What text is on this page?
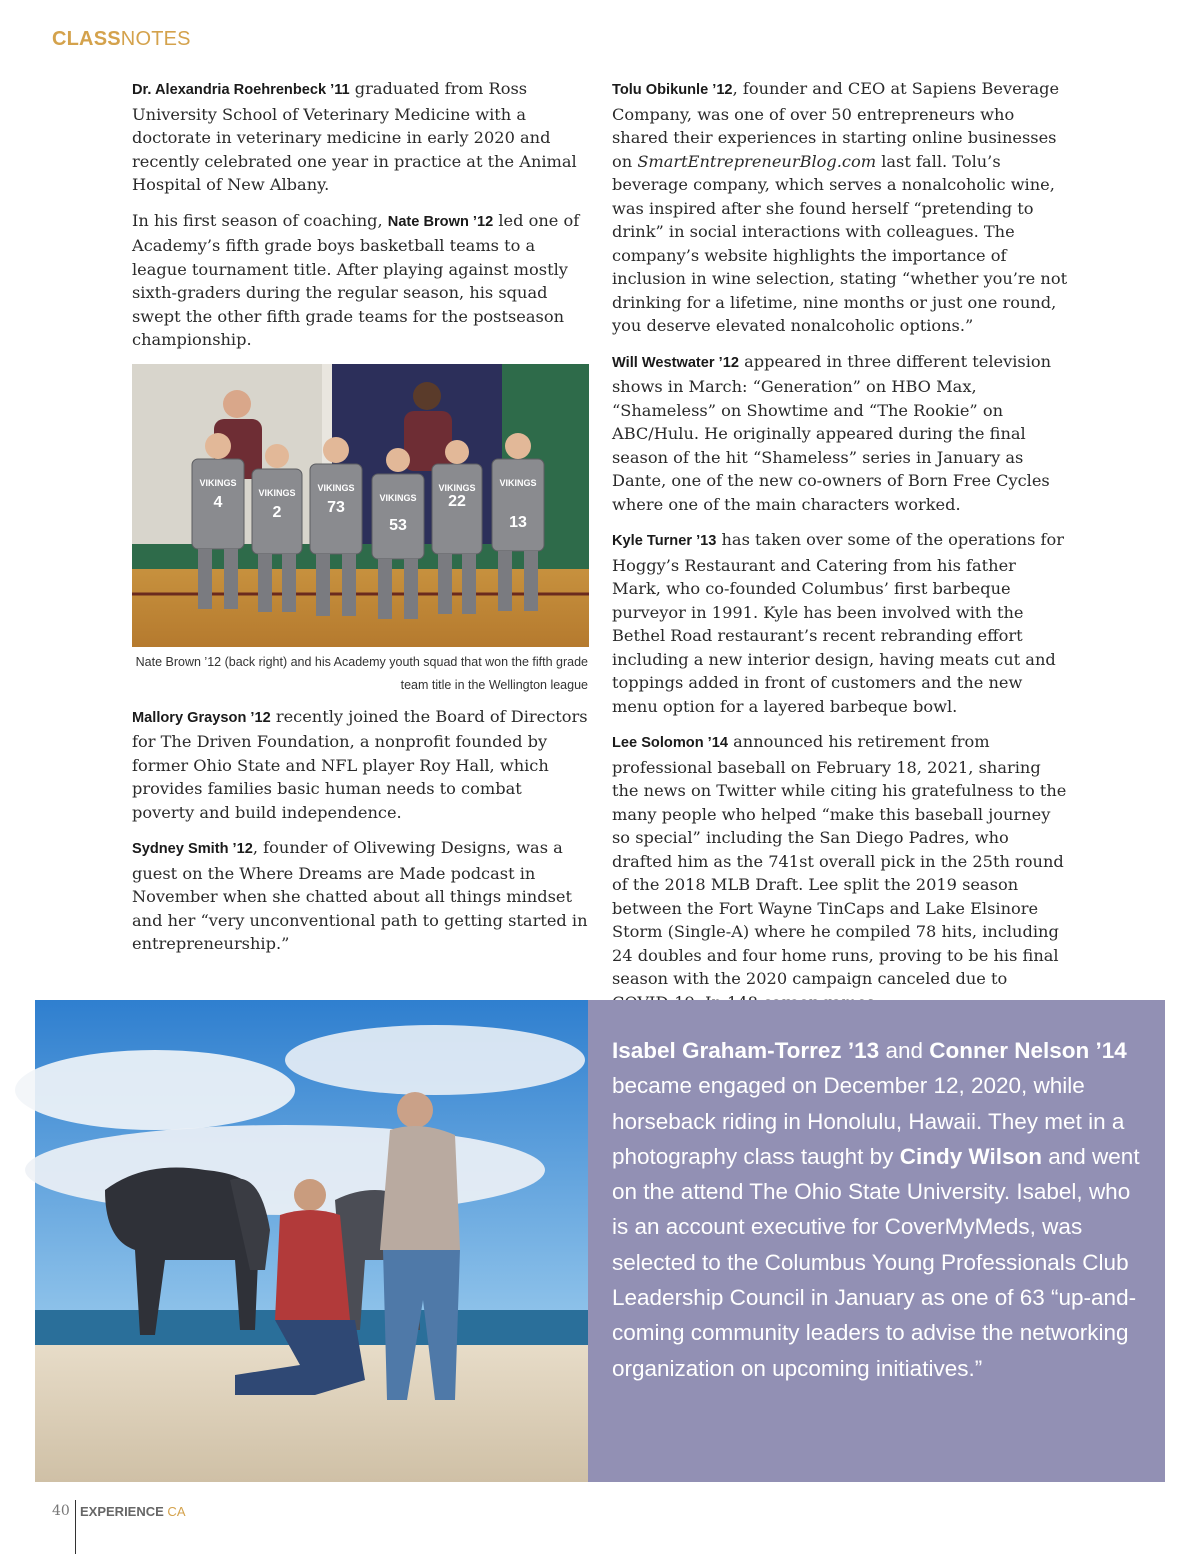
CLASSNOTES

Dr. Alexandria Roehrenbeck ’11 graduated from Ross University School of Veterinary Medicine with a doctorate in veterinary medicine in early 2020 and recently celebrated one year in practice at the Animal Hospital of New Albany.

In his first season of coaching, Nate Brown ’12 led one of Academy’s fifth grade boys basketball teams to a league tournament title. After playing against mostly sixth-graders during the regular season, his squad swept the other fifth grade teams for the postseason championship.

VIKINGS
VIKINGS VIKINGS
VIKINGS
VIKINGS	VIKINGS
4
2	73
53
22
13
Nate Brown ’12 (back right) and his Academy youth squad that won the fifth grade team title in the Wellington league

Mallory Grayson ’12 recently joined the Board of Directors for The Driven Foundation, a nonprofit founded by former Ohio State and NFL player Roy Hall, which provides families basic human needs to combat poverty and build independence.

Sydney Smith ’12, founder of Olivewing Designs, was a guest on the Where Dreams are Made podcast in November when she chatted about all things mindset and her “very unconventional path to getting started in entrepreneurship.”

Tolu Obikunle ’12, founder and CEO at Sapiens Beverage Company, was one of over 50 entrepreneurs who shared their experiences in starting online businesses on SmartEntrepreneurBlog.com last fall. Tolu’s beverage company, which serves a nonalcoholic wine, was inspired after she found herself “pretending to drink” in social interactions with colleagues. The company’s website highlights the importance of inclusion in wine selection, stating “whether you’re not drinking for a lifetime, nine months or just one round, you deserve elevated nonalcoholic options.”

Will Westwater ’12 appeared in three different television shows in March: “Generation” on HBO Max, “Shameless” on Showtime and “The Rookie” on ABC/Hulu. He originally appeared during the final season of the hit “Shameless” series in January as Dante, one of the new co-owners of Born Free Cycles where one of the main characters worked.

Kyle Turner ’13 has taken over some of the operations for Hoggy’s Restaurant and Catering from his father Mark, who co-founded Columbus’ first barbeque purveyor in 1991. Kyle has been involved with the Bethel Road restaurant’s recent rebranding effort including a new interior design, having meats cut and toppings added in front of customers and the new menu option for a layered barbeque bowl.

Lee Solomon ’14 announced his retirement from professional baseball on February 18, 2021, sharing the news on Twitter while citing his gratefulness to the many people who helped “make this baseball journey so special” including the San Diego Padres, who drafted him as the 741st overall pick in the 25th round of the 2018 MLB Draft. Lee split the 2019 season between the Fort Wayne TinCaps and Lake Elsinore Storm (Single-A) where he compiled 78 hits, including 24 doubles and four home runs, proving to be his final season with the 2020 campaign canceled due to

Isabel Graham-Torrez ’13 and Conner Nelson ’14 became engaged on December 12, 2020, while horseback riding in Honolulu, Hawaii. They met in a photography class taught by Cindy Wilson and went on the attend The Ohio State University. Isabel, who is an account executive for CoverMyMeds, was selected to the Columbus Young Professionals Club Leadership Council in January as one of 63 “up-and-coming community leaders to advise the networking organization on upcoming initiatives.”

40 EXPERIENCE CA
